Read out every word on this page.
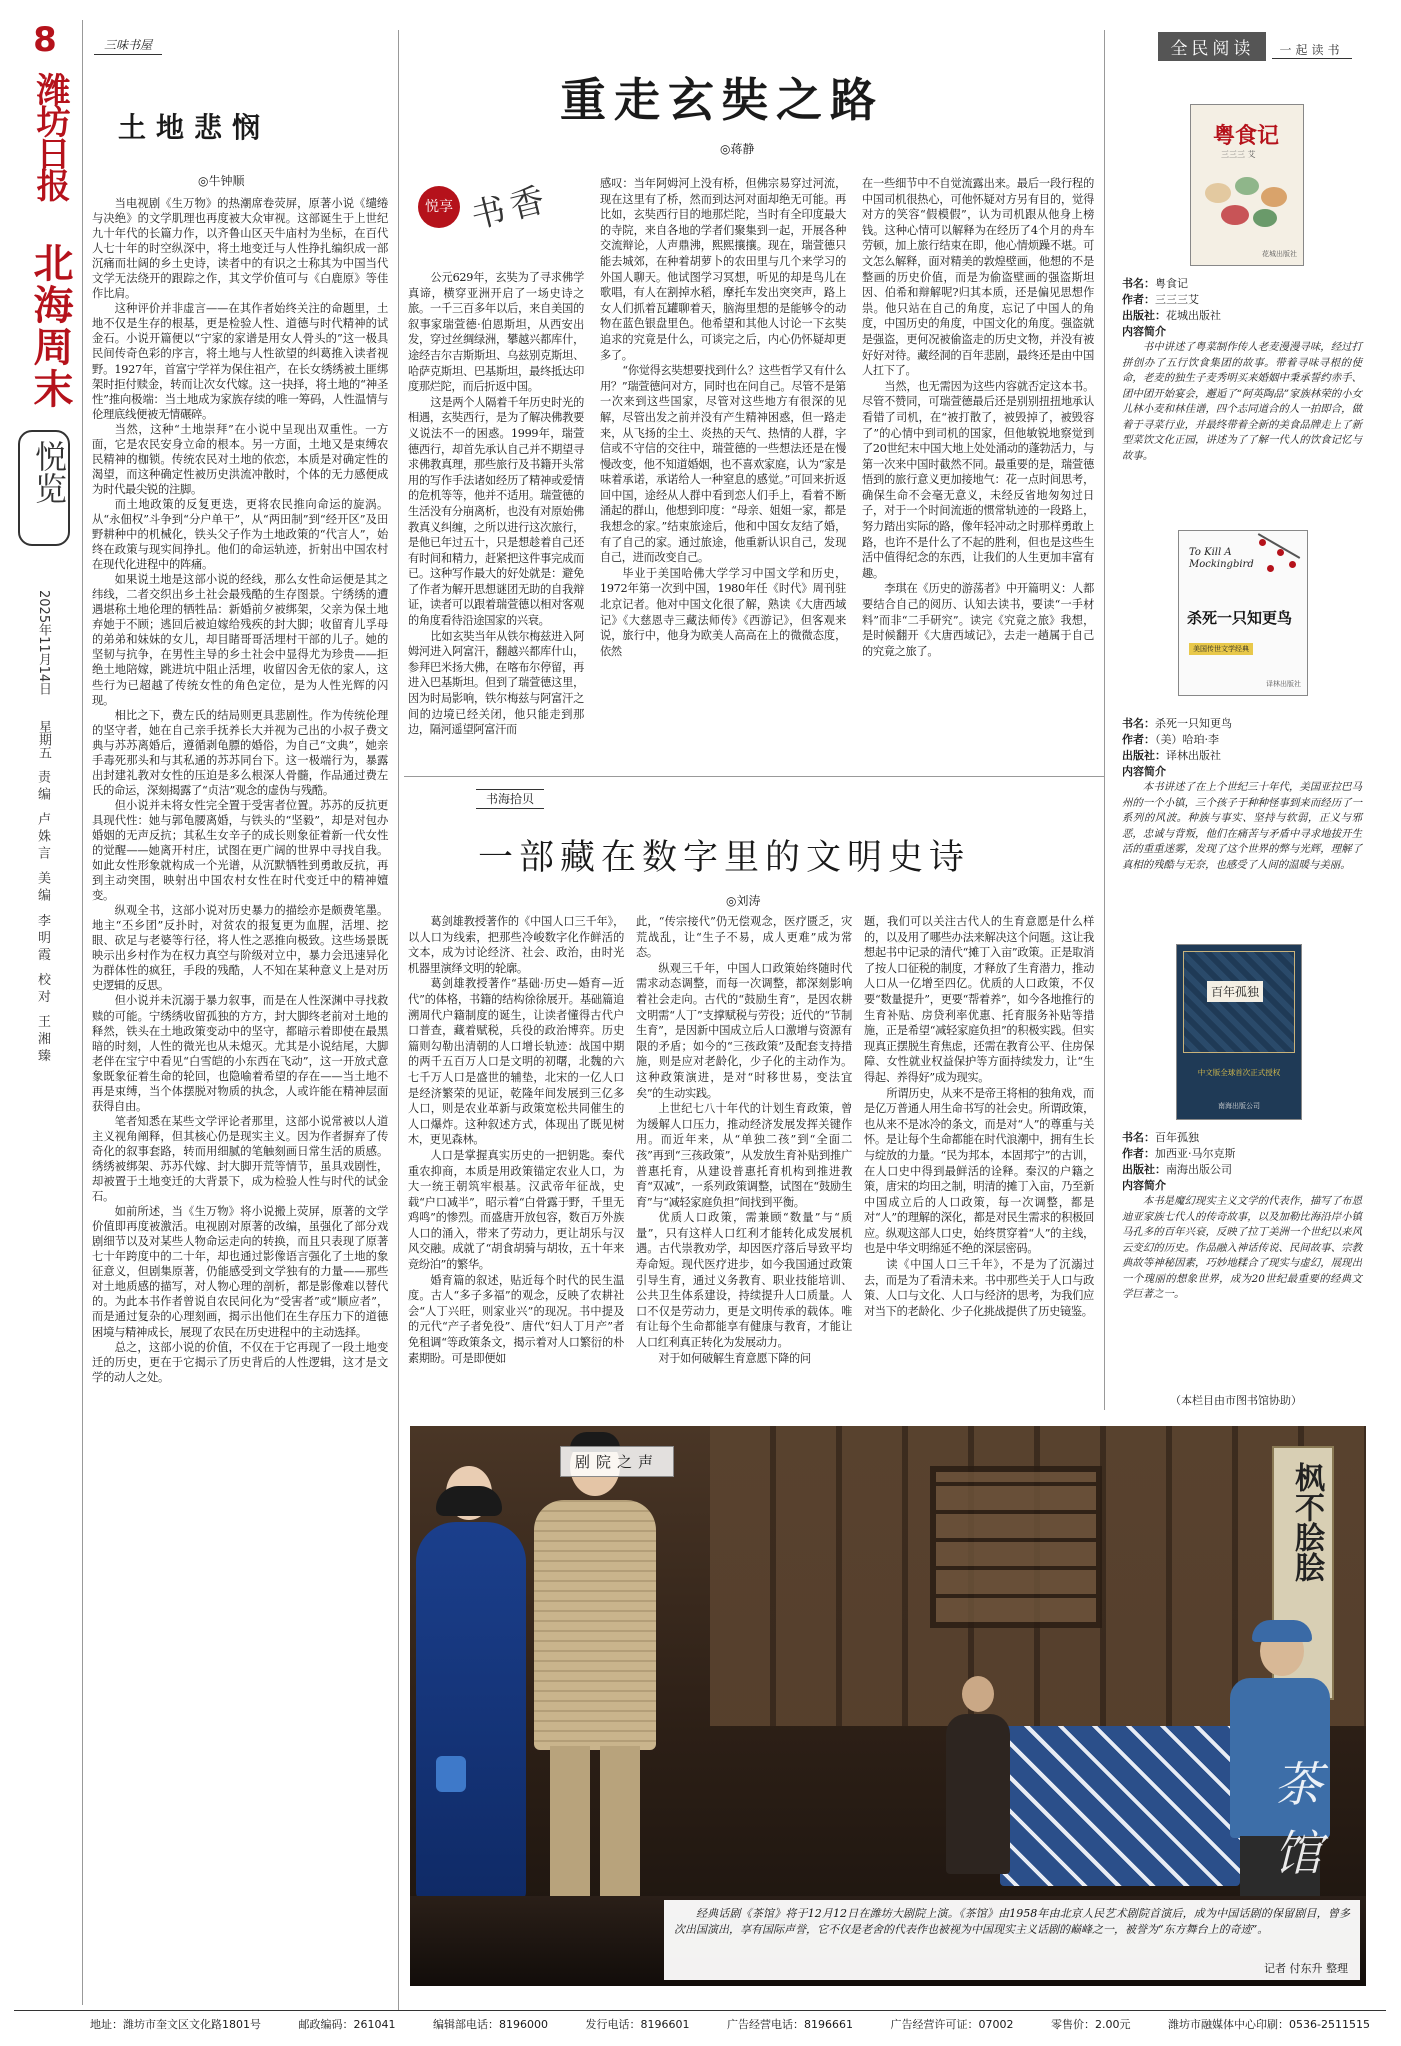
8
潍坊日报
北海周末
悦览
2025年11月14日
星期五
责编 卢姝言 美编 李明霞 校对 王湘臻
三味书屋
土地悲悯
◎牛钟顺

当电视剧《生万物》的热潮席卷荧屏，原著小说《缱绻与决绝》的文学肌理也再度被大众审视。这部诞生于上世纪九十年代的长篇力作，以齐鲁山区天牛庙村为坐标，在百代人七十年的时空纵深中，将土地变迁与人性挣扎编织成一部沉痛而壮阔的乡土史诗，读者中的有识之士称其为中国当代文学无法绕开的跟踪之作，其文学价值可与《白鹿原》等佳作比肩。

这种评价并非虚言——在其作者始终关注的命题里，土地不仅是生存的根基，更是检验人性、道德与时代精神的试金石。小说开篇便以“宁家的家谱是用女人骨头的”这一极具民间传奇色彩的序言，将土地与人性欲望的纠葛推入读者视野。1927年，首富宁学祥为保住祖产，在长女绣绣被土匪绑架时拒付赎金，转而让次女代嫁。这一抉择，将土地的“神圣性”推向极端：当土地成为家族存续的唯一筹码，人性温情与伦理底线便被无情碾碎。

当然，这种“土地崇拜”在小说中呈现出双重性。一方面，它是农民安身立命的根本。另一方面，土地又是束缚农民精神的枷锁。传统农民对土地的依恋，本质是对确定性的渴望，而这种确定性被历史洪流冲散时，个体的无力感便成为时代最尖锐的注脚。

而土地政策的反复更迭，更将农民推向命运的旋涡。从“永佃权”斗争到“分户单干”，从“两田制”到“经开区”及田野耕种中的机械化，铁头父子作为土地政策的“代言人”，始终在政策与现实间挣扎。他们的命运轨迹，折射出中国农村在现代化进程中的阵痛。

如果说土地是这部小说的经线，那么女性命运便是其之纬线，二者交织出乡土社会最残酷的生存图景。宁绣绣的遭遇堪称土地伦理的牺牲品：新婚前夕被绑架，父亲为保土地弃她于不顾；逃回后被迫嫁给残疾的封大脚；收留育儿孚母的弟弟和妹妹的女儿，却目睹哥哥活埋村干部的儿子。她的坚韧与抗争，在男性主导的乡土社会中显得尤为珍贵——拒绝土地陪嫁，跳进坑中阻止活埋，收留囚舍无依的家人，这些行为已超越了传统女性的角色定位，是为人性光辉的闪现。

相比之下，费左氏的结局则更具悲剧性。作为传统伦理的坚守者，她在自己亲手抚养长大并视为己出的小叔子费文典与苏苏离婚后，遵循剥龟膘的婚俗，为自己“文典”，她亲手毒死那头和与其私通的苏苏同台下。这一极端行为，暴露出封建礼教对女性的压迫是多么根深人骨髓，作品通过费左氏的命运，深刻揭露了“贞洁”观念的虚伪与残酷。

但小说并未将女性完全置于受害者位置。苏苏的反抗更具现代性：她与郭龟腰离婚，与铁头的“坚毅”，却是对包办婚姻的无声反抗；其私生女辛子的成长则象征着新一代女性的觉醒——她离开村庄，试图在更广阔的世界中寻找自我。如此女性形象就构成一个光谱，从沉默牺牲到勇敢反抗，再到主动突围，映射出中国农村女性在时代变迁中的精神嬗变。

纵观全书，这部小说对历史暴力的描绘亦是颇费笔墨。地主“丕乡团”反扑时，对贫农的报复更为血腥，活埋、挖眼、砍足与老婆等行径，将人性之恶推向极致。这些场景既映示出乡村作为在权力真空与阶级对立中，暴力会迅速异化为群体性的疯狂，手段的残酷，人不知在某种意义上是对历史逻辑的反思。

但小说并未沉溺于暴力叙事，而是在人性深渊中寻找救赎的可能。宁绣绣收留孤独的方方，封大脚终老前对土地的释然，铁头在土地政策变动中的坚守，都暗示着即使在最黑暗的时刻，人性的微光也从未熄灭。尤其是小说结尾，大脚老伴在宝宁中看见“白雪皑的小东西在飞动”，这一开放式意象既象征着生命的轮回，也隐喻着希望的存在——当土地不再是束缚，当个体摆脱对物质的执念，人或许能在精神层面获得自由。

笔者知悉在某些文学评论者那里，这部小说常被以人道主义视角阐释，但其核心仍是现实主义。因为作者摒弃了传奇化的叙事套路，转而用细腻的笔触刻画日常生活的质感。绣绣被绑架、苏苏代嫁、封大脚开荒等情节，虽具戏剧性，却被置于土地变迁的大背景下，成为检验人性与时代的试金石。

如前所述，当《生万物》将小说搬上荧屏，原著的文学价值即再度被激活。电视剧对原著的改编，虽强化了部分戏剧细节以及对某些人物命运走向的转换，而且只表现了原著七十年跨度中的二十年，却也通过影像语言强化了土地的象征意义，但剧集原著，仍能感受到文学独有的力量——那些对土地质感的描写，对人物心理的剖析，都是影像难以替代的。为此本书作者曾说自农民问化为“受害者”或“顺应者”，而是通过复杂的心理刻画，揭示出他们在生存压力下的道德困境与精神成长，展现了农民在历史进程中的主动选择。

总之，这部小说的价值，不仅在于它再现了一段土地变迁的历史，更在于它揭示了历史背后的人性逻辑，这才是文学的动人之处。

重走玄奘之路
◎蒋静
悦享 书香

公元629年，玄奘为了寻求佛学真谛，横穿亚洲开启了一场史诗之旅。一千三百多年以后，来自美国的叙事家瑞萱德·伯恩斯坦，从西安出发，穿过丝绸绿洲，攀越兴都库什，途经吉尔吉斯斯坦、乌兹别克斯坦、哈萨克斯坦、巴基斯坦，最终抵达印度那烂陀，而后折返中国。

这是两个人隔着千年历史时光的相遇，玄奘西行，是为了解决佛教要义说法不一的困惑。1999年，瑞萱德西行，却首先承认自己并不期望寻求佛教真理，那些旅行及书籍开头常用的写作手法诸如经历了精神或爱情的危机等等，他并不适用。瑞萱德的生活没有分崩离析，也没有对原始佛教真义纠缠，之所以进行这次旅行，是他已年过五十，只是想趁着自己还有时间和精力，赶紧把这件事完成而已。这种写作最大的好处就是：避免了作者为解开思想谜团无助的自我辩证，读者可以跟着瑞萱德以相对客观的角度看待沿途国家的兴衰。

比如玄奘当年从铁尔梅兹进入阿姆河进入阿富汗，翻越兴都库什山，参拜巴米扬大佛，在喀布尔停留，再进入巴基斯坦。但到了瑞萱德这里，因为时局影响，铁尔梅兹与阿富汗之间的边境已经关闭，他只能走到那边，隔河遥望阿富汗而

感叹：当年阿姆河上没有桥，但佛宗易穿过河流，现在这里有了桥，然而到达河对面却绝无可能。再比如，玄奘西行目的地那烂陀，当时有全印度最大的寺院，来自各地的学者们聚集到一起，开展各种交流辩论，人声鼎沸，熙熙攘攘。现在，瑞萱德只能去城郊，在种着胡萝卜的农田里与几个来学习的外国人聊天。他试图学习冥想，听见的却是鸟儿在歌唱，有人在割掉水稻，摩托车发出突突声，路上女人们抓着瓦罐聊着天，脑海里想的是能够令的动物在蓝色银盘里色。他希望和其他人讨论一下玄奘追求的究竟是什么，可谈完之后，内心仍怀疑却更多了。

“你觉得玄奘想要找到什么？这些哲学又有什么用？”瑞萱德问对方，同时也在问自己。尽管不是第一次来到这些国家，尽管对这些地方有很深的见解，尽管出发之前并没有产生精神困惑，但一路走来，从飞扬的尘土、炎热的天气、热情的人群，字信或不守信的交往中，瑞萱德的一些想法还是在慢慢改变，他不知道婚姻，也不喜欢家庭，认为“家是味着承诺，承诺给人一种窒息的感觉。”可回来折返回中国，途经从人群中看到恋人们手上，看着不断涌起的群山，他想到印度：“母亲、姐姐一家，都是我想念的家。”结束旅途后，他和中国女友结了婚，有了自己的家。通过旅途，他重新认识自己，发现自己，进而改变自己。

毕业于美国哈佛大学学习中国文学和历史，1972年第一次到中国，1980年任《时代》周刊驻北京记者。他对中国文化很了解，熟读《大唐西域记》《大慈恩寺三藏法师传》《西游记》，但客观来说，旅行中，他身为欧美人高高在上的微微态度，依然

在一些细节中不自觉流露出来。最后一段行程的中国司机很热心，可他怀疑对方另有目的，觉得对方的笑容“假模假”，认为司机跟从他身上榜钱。这种心情可以解释为在经历了4个月的舟车劳顿，加上旅行结束在即，他心情烦躁不堪。可文怎么解释，面对精美的敦煌壁画，他想的不是整画的历史价值，而是为偷盗壁画的强盗斯坦因、伯希和辩解呢?归其本质，还是偏见思想作祟。他只站在自己的角度，忘记了中国人的角度，中国历史的角度，中国文化的角度。强盗就是强盗，更何况被偷盗走的历史文物，并没有被好好对待。藏经洞的百年悲剧，最终还是由中国人扛下了。

当然，也无需因为这些内容就否定这本书。尽管不赞同，可瑞萱德最后还是别别扭扭地承认看错了司机，在“被打散了，被毁掉了，被毁容了”的心情中到司机的国家，但他敏锐地察觉到了20世纪末中国大地上处处涌动的蓬勃活力，与第一次来中国时截然不同。最重要的是，瑞萱德悟到的旅行意义更加接地气：花一点时间思考，确保生命不会毫无意义，未经反省地匆匆过日子，对于一个时间流逝的惯常轨迹的一段路上，努力踏出实际的路，像年轻冲动之时那样勇敢上路，也许不是什么了不起的胜利，但也是这些生活中值得纪念的东西，让我们的人生更加丰富有趣。

李琪在《历史的游荡者》中开篇明义：人都要结合自己的阅历、认知去读书，要读“一手材料”而非“二手研究”。读完《究竟之旅》我想，是时候翻开《大唐西域记》，去走一趟属于自己的究竟之旅了。

书海拾贝
一部藏在数字里的文明史诗
◎刘涛

葛剑雄教授著作的《中国人口三千年》，以人口为线索，把那些冷峻数字化作鲜活的文本，成为讨论经济、社会、政治，由时光机器里演绎文明的轮廓。

葛剑雄教授著作“基础·历史—婚育—近代”的体格，书籍的结构徐徐展开。基础篇追溯周代户籍制度的诞生，让读者懂得古代户口普查，藏着赋税，兵役的政治博弈。历史篇则勾勒出清朝的人口增长轨迹：战国中期的两千五百万人口是文明的初曙，北魏的六七千万人口是盛世的辅垫，北宋的一亿人口是经济繁荣的见证，乾隆年间发展到三亿多人口，则是农业革新与政策宽松共同催生的人口爆炸。这种叙述方式，体现出了既见树木，更见森林。

人口是掌握真实历史的一把钥匙。秦代重农抑商，本质是用政策锚定农业人口，为大一统王朝筑牢根基。汉武帝年征战，史载“户口减半”，昭示着“白骨露于野，千里无鸡鸣”的惨烈。而盛唐开放包容，数百万外族人口的涌入，带来了劳动力，更让胡乐与汉风交融。成就了“胡食胡骑与胡妆，五十年来竞纷泊”的繁华。

婚育篇的叙述，贴近每个时代的民生温度。古人“多子多福”的观念，反映了农耕社会“人丁兴旺，则家业兴”的现况。书中提及的元代“产子者免役”、唐代“妇人丁月产”者免租调“等政策条文，揭示着对人口繁衍的朴素期盼。可是即便如

此，“传宗接代”仍无偿观念，医疗匮乏，灾荒战乱，让“生子不易，成人更难”成为常态。

纵观三千年，中国人口政策始终随时代需求动态调整，而每一次调整，都深刻影响着社会走向。古代的“鼓励生育”，是因农耕文明需“人丁”支撑赋税与劳役；近代的“节制生育”，是因新中国成立后人口激增与资源有限的矛盾；如今的“三孩政策”及配套支持措施，则是应对老龄化，少子化的主动作为。这种政策演进，是对“时移世易，变法宜矣”的生动实践。

上世纪七八十年代的计划生育政策，曾为缓解人口压力，推动经济发展发挥关键作用。而近年来，从“单独二孩”到“全面二孩”再到“三孩政策”，从发放生育补贴到推广普惠托育，从建设普惠托育机构到推进教育“双减”，一系列政策调整，试图在“鼓励生育”与“减轻家庭负担”间找到平衡。

优质人口政策，需兼顾“数量”与“质量”，只有这样人口红利才能转化成发展机遇。古代崇教劝学，却因医疗落后导致平均寿命短。现代医疗进步，如今我国通过政策引导生育，通过义务教育、职业技能培训、公共卫生体系建设，持续提升人口质量。人口不仅是劳动力，更是文明传承的载体。唯有让每个生命都能享有健康与教育，才能让人口红利真正转化为发展动力。

对于如何破解生育意愿下降的问

题，我们可以关注古代人的生育意愿是什么样的，以及用了哪些办法来解决这个问题。这让我想起书中记录的清代“摊丁入亩”政策。正是取消了按人口征税的制度，才释放了生育潜力，推动人口从一亿增至四亿。优质的人口政策，不仅要“数量提升”，更要“帮着养”，如今各地推行的生育补贴、房贷利率优惠、托育服务补贴等措施，正是希望“减轻家庭负担”的积极实践。但实现真正摆脱生育焦虑，还需在教育公平、住房保障、女性就业权益保护等方面持续发力，让“生得起、养得好”成为现实。

所谓历史，从来不是帝王将相的独角戏，而是亿万普通人用生命书写的社会史。所谓政策，也从来不是冰冷的条文，而是对“人”的尊重与关怀。是让每个生命都能在时代浪潮中，拥有生长与绽放的力量。“民为邦本，本固邦宁”的古训，在人口史中得到最鲜活的诠释。秦汉的户籍之策，唐宋的均田之制，明清的摊丁入亩，乃至新中国成立后的人口政策，每一次调整，都是对“人”的理解的深化，都是对民生需求的积极回应。纵观这部人口史，始终贯穿着“人”的主线，也是中华文明绵延不绝的深层密码。

读《中国人口三千年》，不是为了沉溺过去，而是为了看清未来。书中那些关于人口与政策、人口与文化、人口与经济的思考，为我们应对当下的老龄化、少子化挑战提供了历史镜鉴。

全民阅读 一起读书
粤食记
三三三 艾
花城出版社
书名：粤食记
作者：三三三艾
出版社：花城出版社
内容简介
书中讲述了粤菜制作传人老麦漫漫寻味，经过打拼创办了五行饮食集团的故事。带着寻味寻根的使命，老麦的独生子麦秀明买来婚姻中秉承誓约赤手、团中团开始宴会，邂逅了“阿英陶品”家族林荣的小女儿林小麦和林佳谱，四个志同道合的人一拍即合，做着于寻菜行业，并最终带着全新的美食品牌走上了新型菜饮文化正园，讲述为了了解一代人的饮食记忆与故事。
To Kill A Mockingbird
杀死一只知更鸟
美国传世文学经典
译林出版社
书名：杀死一只知更鸟
作者：（美）哈珀·李
出版社：译林出版社
内容简介
本书讲述了在上个世纪三十年代，美国亚拉巴马州的一个小镇，三个孩子于种种怪事到来而经历了一系列的风波。种族与事实、坚持与软弱，正义与邪恶，忠诚与背叛，他们在痛苦与矛盾中寻求地拔开生活的重重迷雾，发现了这个世界的弊与光辉，理解了真相的残酷与无奈，也感受了人间的温暖与美丽。
百年孤独
中文版全球首次正式授权
南海出版公司
书名：百年孤独
作者：加西亚·马尔克斯
出版社：南海出版公司
内容简介
本书是魔幻现实主义文学的代表作，描写了布恩迪亚家族七代人的传奇故事，以及加勒比海沿岸小镇马孔多的百年兴衰，反映了拉丁美洲一个世纪以来风云变幻的历史。作品融入神话传说、民间故事、宗教典故等神秘因素，巧妙地糅合了现实与虚幻，展现出一个瑰丽的想象世界，成为20世纪最重要的经典文学巨著之一。
（本栏目由市图书馆协助）
枫不脍脍
剧院之声
茶馆
经典话剧《茶馆》将于12月12日在潍坊大剧院上演。《茶馆》由1958年由北京人民艺术剧院首演后，成为中国话剧的保留剧目，曾多次出国演出，享有国际声誉，它不仅是老舍的代表作也被视为中国现实主义话剧的巅峰之一，被誉为“东方舞台上的奇迹”。
记者 付东升 整理
地址：潍坊市奎文区文化路1801号	邮政编码：261041	编辑部电话：8196000	发行电话：8196601	广告经营电话：8196661	广告经营许可证：07002	零售价：2.00元	潍坊市融媒体中心印刷：0536-2511515
